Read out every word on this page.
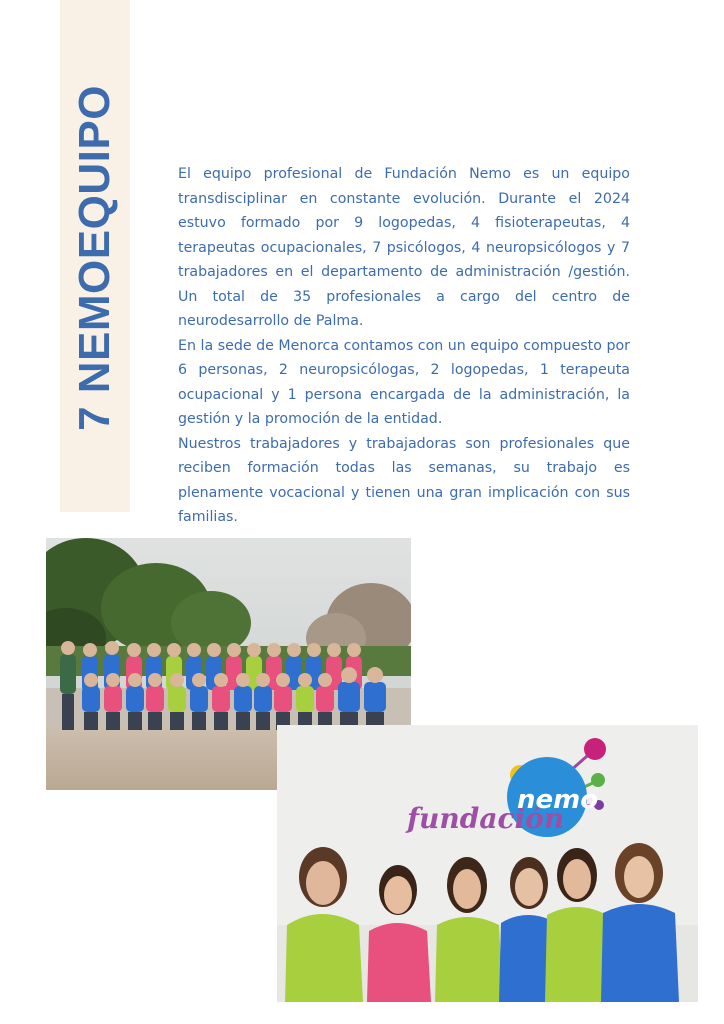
7 NEMOEQUIPO	El equipo profesional de Fundación Nemo es un equipo transdisciplinar en constante evolución. Durante el 2024 estuvo formado por 9 logopedas, 4 fisioterapeutas, 4 terapeutas ocupacionales, 7 psicólogos, 4 neuropsicólogos y 7 trabajadores en el departamento de administración /gestión. Un total de 35 profesionales a cargo del centro de neurodesarrollo de Palma.

En la sede de Menorca contamos con un equipo compuesto por 6 personas, 2 neuropsicólogas, 2 logopedas, 1 terapeuta ocupacional y 1 persona encargada de la administración, la gestión y la promoción de la entidad.

Nuestros trabajadores y trabajadoras son profesionales que reciben formación todas las semanas, su trabajo es plenamente vocacional y tienen una gran implicación con sus familias.

fundación
nemo
